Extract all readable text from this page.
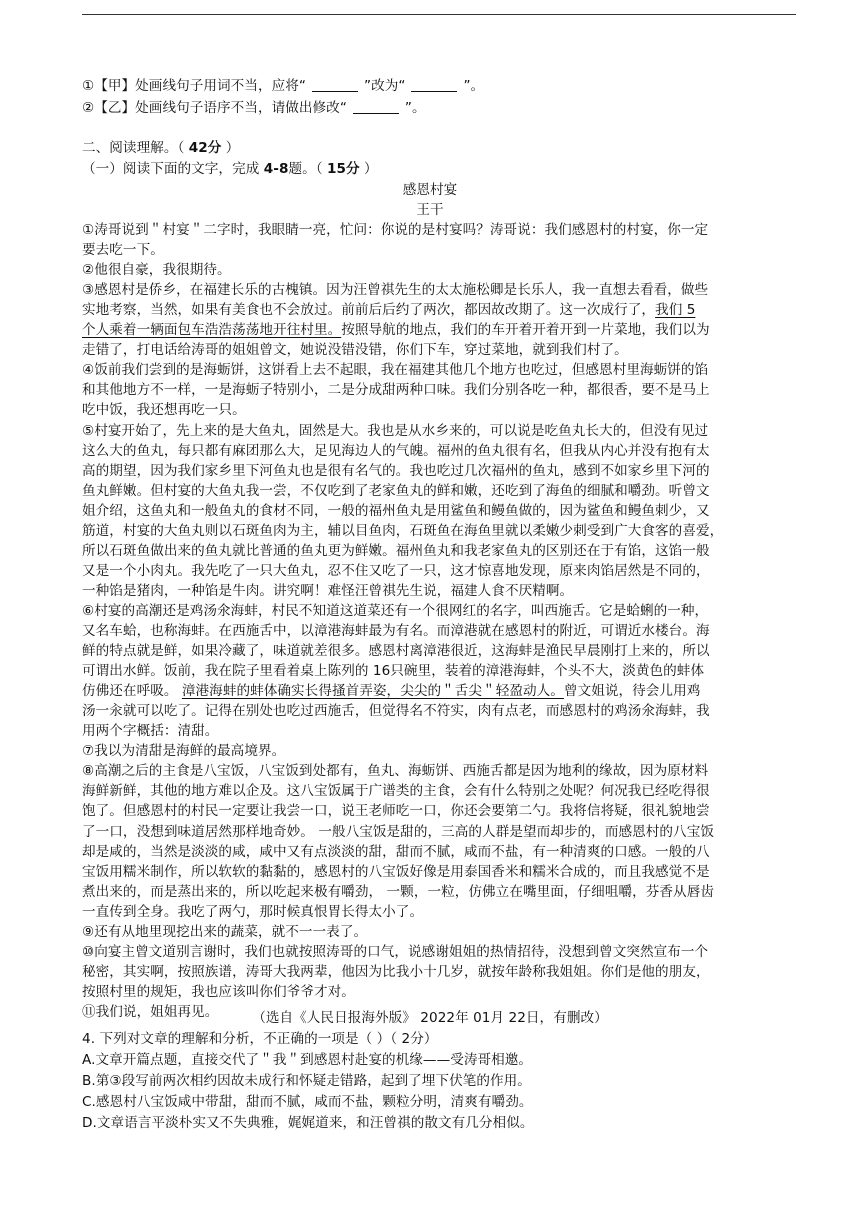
①【甲】处画线句子用词不当，应将“	”改为“	”。
②【乙】处画线句子语序不当，请做出修改“	”。
二、阅读理解。（ 42分 ）
（一）阅读下面的文字，完成 4-8题。（ 15分 ）
感恩村宴
王干
①涛哥说到＂村宴＂二字时，我眼睛一亮，忙问：你说的是村宴吗？涛哥说：我们感恩村的村宴，你一定
要去吃一下。
②他很自豪，我很期待。
③感恩村是侨乡，在福建长乐的古槐镇。因为汪曾祺先生的太太施松卿是长乐人，我一直想去看看，做些
实地考察，当然，如果有美食也不会放过。前前后后约了两次，都因故改期了。这一次成行了，我们 5
个人乘着一辆面包车浩浩荡荡地开往村里。按照导航的地点，我们的车开着开着开到一片菜地，我们以为
走错了，打电话给涛哥的姐姐曾文，她说没错没错，你们下车，穿过菜地，就到我们村了。
④饭前我们尝到的是海蛎饼，这饼看上去不起眼，我在福建其他几个地方也吃过，但感恩村里海蛎饼的馅
和其他地方不一样，一是海蛎子特别小，二是分成甜两种口味。我们分别各吃一种，都很香，要不是马上
吃中饭，我还想再吃一只。
⑤村宴开始了，先上来的是大鱼丸，固然是大。我也是从水乡来的，可以说是吃鱼丸长大的，但没有见过
这么大的鱼丸，每只都有麻团那么大，足见海边人的气魄。福州的鱼丸很有名，但我从内心并没有抱有太
高的期望，因为我们家乡里下河鱼丸也是很有名气的。我也吃过几次福州的鱼丸，感到不如家乡里下河的
鱼丸鲜嫩。但村宴的大鱼丸我一尝，不仅吃到了老家鱼丸的鲜和嫩，还吃到了海鱼的细腻和嚼劲。听曾文
姐介绍，这鱼丸和一般鱼丸的食材不同，一般的福州鱼丸是用鲨鱼和鳗鱼做的，因为鲨鱼和鳗鱼刺少，又
筋道，村宴的大鱼丸则以石斑鱼肉为主，辅以目鱼肉，石斑鱼在海鱼里就以柔嫩少刺受到广大食客的喜爱，
所以石斑鱼做出来的鱼丸就比普通的鱼丸更为鲜嫩。福州鱼丸和我老家鱼丸的区别还在于有馅，这馅一般
又是一个小肉丸。我先吃了一只大鱼丸，忍不住又吃了一只，这才惊喜地发现，原来肉馅居然是不同的，
一种馅是猪肉，一种馅是牛肉。讲究啊！难怪汪曾祺先生说，福建人食不厌精啊。
⑥村宴的高潮还是鸡汤氽海蚌，村民不知道这道菜还有一个很网红的名字，叫西施舌。它是蛤蜊的一种，
又名车蛤，也称海蚌。在西施舌中，以漳港海蚌最为有名。而漳港就在感恩村的附近，可谓近水楼台。海
鲜的特点就是鲜，如果冷藏了，味道就差很多。感恩村离漳港很近，这海蚌是渔民早晨刚打上来的，所以
可谓出水鲜。饭前，我在院子里看着桌上陈列的 16只碗里，装着的漳港海蚌，个头不大，淡黄色的蚌体
仿佛还在呼吸。 漳港海蚌的蚌体确实长得搔首弄姿，尖尖的＂舌尖＂轻盈动人。曾文姐说，待会儿用鸡
汤一汆就可以吃了。记得在别处也吃过西施舌，但觉得名不符实，肉有点老，而感恩村的鸡汤氽海蚌，我
用两个字概括：清甜。
⑦我以为清甜是海鲜的最高境界。
⑧高潮之后的主食是八宝饭，八宝饭到处都有，鱼丸、海蛎饼、西施舌都是因为地利的缘故，因为原材料
海鲜新鲜，其他的地方难以企及。这八宝饭属于广谱类的主食，会有什么特别之处呢？何况我已经吃得很
饱了。但感恩村的村民一定要让我尝一口，说王老师吃一口，你还会要第二勺。我将信将疑，很礼貌地尝
了一口，没想到味道居然那样地奇妙。 一般八宝饭是甜的，三高的人群是望而却步的，而感恩村的八宝饭
却是咸的，当然是淡淡的咸，咸中又有点淡淡的甜，甜而不腻，咸而不盐，有一种清爽的口感。一般的八
宝饭用糯米制作，所以软软的黏黏的，感恩村的八宝饭好像是用泰国香米和糯米合成的，而且我感觉不是
煮出来的，而是蒸出来的，所以吃起来极有嚼劲， 一颗，一粒，仿佛立在嘴里面，仔细咀嚼，芬香从唇齿
一直传到全身。我吃了两勺，那时候真恨胃长得太小了。
⑨还有从地里现挖出来的蔬菜，就不一一表了。
⑩向宴主曾文道别言谢时，我们也就按照涛哥的口气，说感谢姐姐的热情招待，没想到曾文突然宣布一个
秘密，其实啊，按照族谱，涛哥大我两辈，他因为比我小十几岁，就按年龄称我姐姐。你们是他的朋友，
按照村里的规矩，我也应该叫你们爷爷才对。
⑪我们说，姐姐再见。	（选自《人民日报海外版》 2022年 01月 22日，有删改）
4. 下列对文章的理解和分析，不正确的一项是（ ）（ 2分）
A.文章开篇点题，直接交代了＂我＂到感恩村赴宴的机缘——受涛哥相邀。
B.第③段写前两次相约因故未成行和怀疑走错路，起到了埋下伏笔的作用。
C.感恩村八宝饭咸中带甜，甜而不腻，咸而不盐，颗粒分明，清爽有嚼劲。
D.文章语言平淡朴实又不失典雅，娓娓道来，和汪曾祺的散文有几分相似。
